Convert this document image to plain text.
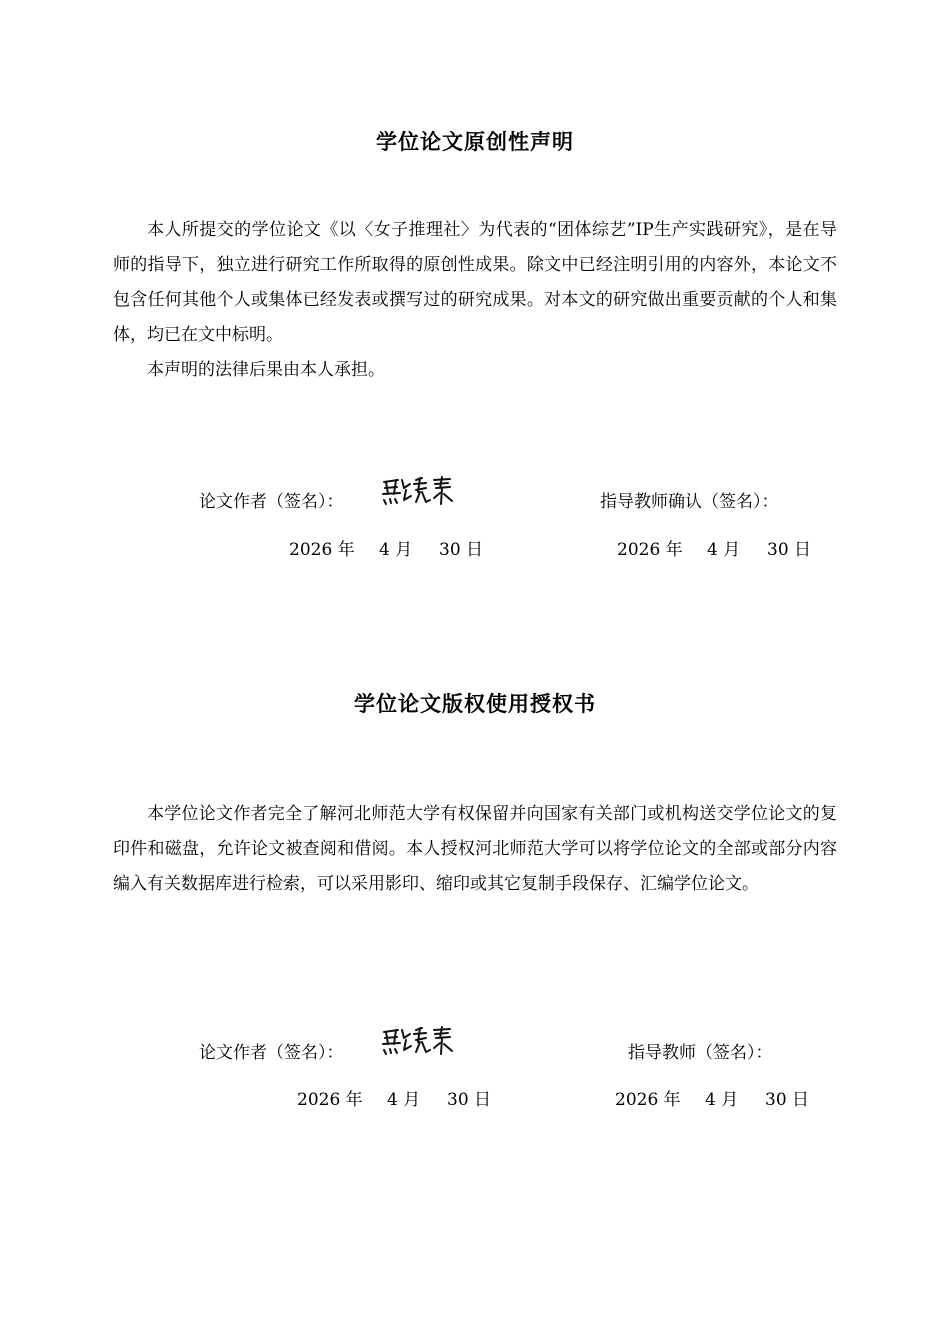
学位论文原创性声明

本人所提交的学位论文《以〈女子推理社〉为代表的“团体综艺”IP生产实践研究》，是在导师的指导下，独立进行研究工作所取得的原创性成果。除文中已经注明引用的内容外，本论文不包含任何其他个人或集体已经发表或撰写过的研究成果。对本文的研究做出重要贡献的个人和集体，均已在文中标明。

本声明的法律后果由本人承担。

论文作者（签名）：	指导教师确认（签名）：
2026 年 4 月 30 日	2026 年 4 月 30 日
学位论文版权使用授权书

本学位论文作者完全了解河北师范大学有权保留并向国家有关部门或机构送交学位论文的复印件和磁盘，允许论文被查阅和借阅。本人授权河北师范大学可以将学位论文的全部或部分内容编入有关数据库进行检索，可以采用影印、缩印或其它复制手段保存、汇编学位论文。

论文作者（签名）：	指导教师（签名）：
2026 年 4 月 30 日	2026 年 4 月 30 日
